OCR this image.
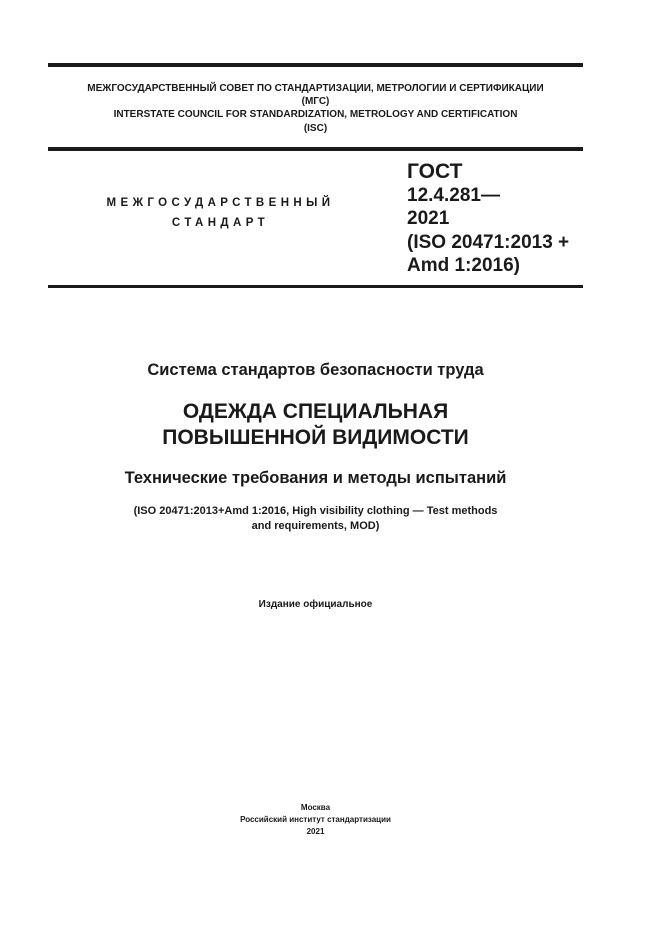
МЕЖГОСУДАРСТВЕННЫЙ СОВЕТ ПО СТАНДАРТИЗАЦИИ, МЕТРОЛОГИИ И СЕРТИФИКАЦИИ
(МГС)
INTERSTATE COUNCIL FOR STANDARDIZATION, METROLOGY AND CERTIFICATION
(ISC)
МЕЖГОСУДАРСТВЕННЫЙ
СТАНДАРТ
ГОСТ
12.4.281—
2021
(ISO 20471:2013 +
Amd 1:2016)
Система стандартов безопасности труда
ОДЕЖДА СПЕЦИАЛЬНАЯ
ПОВЫШЕННОЙ ВИДИМОСТИ
Технические требования и методы испытаний
(ISO 20471:2013+Amd 1:2016, High visibility clothing — Test methods
and requirements, MOD)
Издание официальное
Москва
Российский институт стандартизации
2021
